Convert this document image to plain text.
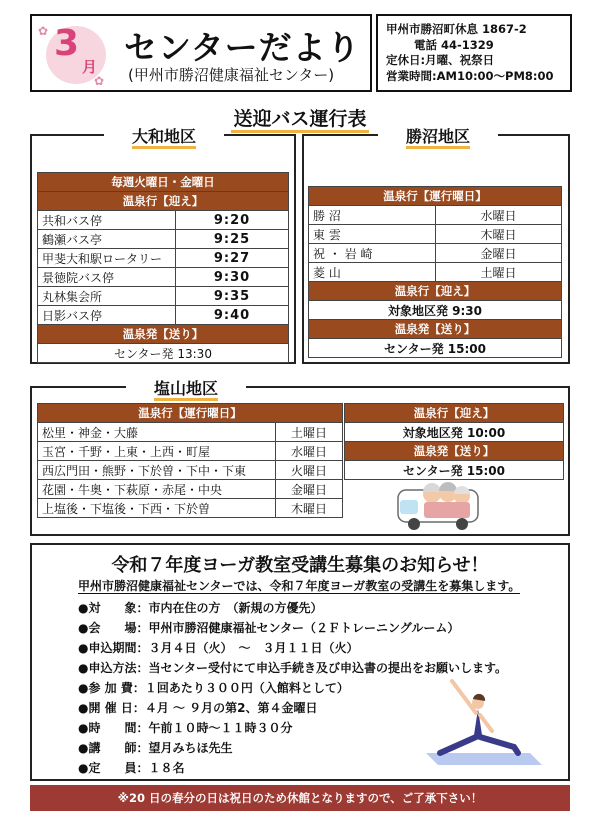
✿
✿
3
月 センターだより
(甲州市勝沼健康福祉センター)
甲州市勝沼町休息 1867-2
電話 44-1329
定休日:月曜、祝祭日
営業時間:AM10:00～PM8:00
送迎バス運行表
大和地区
毎週火曜日・金曜日	
温泉行【迎え】	
共和バス停	9:20
鶴瀬バス亭	9:25
甲斐大和駅ロータリー	9:27
景徳院バス停	9:30
丸林集会所	9:35
日影バス停	9:40
温泉発【送り】	
センター発 13:30	
勝沼地区
温泉行【運行曜日】	
勝 沼	水曜日
東 雲	木曜日
祝 ・ 岩 崎	金曜日
菱 山	土曜日
温泉行【迎え】	
対象地区発 9:30	
温泉発【送り】	
センター発 15:00	
塩山地区
温泉行【運行曜日】	
松里・神金・大藤	土曜日
玉宮・千野・上東・上西・町屋	水曜日
西広門田・熊野・下於曽・下中・下東	火曜日
花園・牛奥・下萩原・赤尾・中央	金曜日
上塩後・下塩後・下西・下於曽	木曜日
温泉行【迎え】
対象地区発 10:00
温泉発【送り】
センター発 15:00
令和７年度ヨーガ教室受講生募集のお知らせ！
甲州市勝沼健康福祉センターでは、令和７年度ヨーガ教室の受講生を募集します。
●対　　象：市内在住の方　（新規の方優先）
●会　　場：甲州市勝沼健康福祉センター（２Ｆトレーニングルーム）
●申込期間：３月４日（火）　～　３月１１日（火）
●申込方法：当センター受付にて申込手続き及び申込書の提出をお願いします。
●参 加 費：１回あたり３００円（入館料として）
●開 催 日：４月 ～ ９月の第2、第４金曜日
●時　　間：午前１０時～１１時３０分
●講　　師：望月みちほ先生
●定　　員：１８名
※20 日の春分の日は祝日のため休館となりますので、ご了承下さい！
